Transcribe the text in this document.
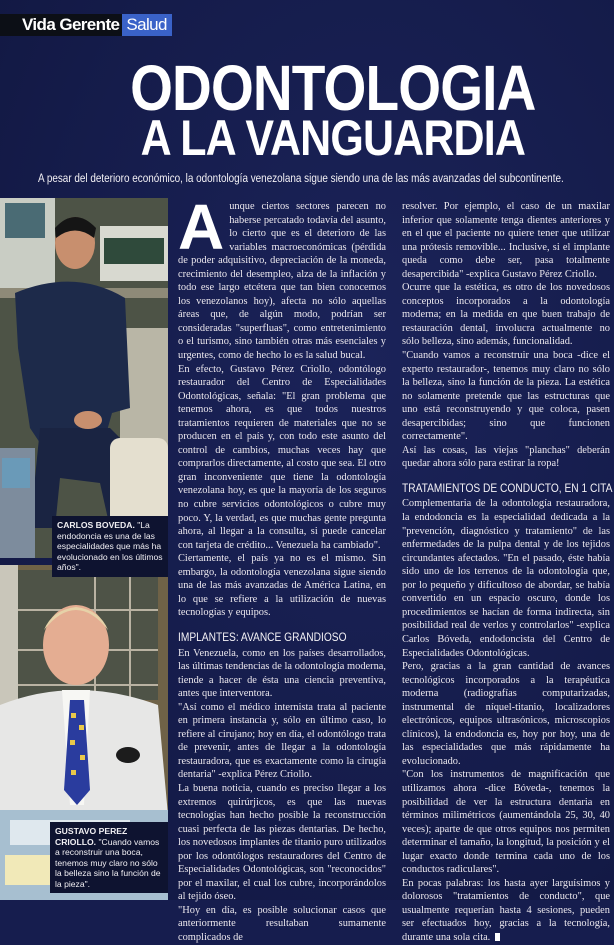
Vida Gerente Salud
ODONTOLOGIA
A LA VANGUARDIA
A pesar del deterioro económico, la odontología venezolana sigue siendo una de las más avanzadas del subcontinente.
CARLOS BOVEDA. "La endodoncia es una de las especialidades que más ha evolucionado en los últimos años".
GUSTAVO PEREZ CRIOLLO. "Cuando vamos a reconstruir una boca, tenemos muy claro no sólo la belleza sino la función de la pieza".

Aunque ciertos sectores parecen no haberse percatado todavía del asunto, lo cierto que es el deterioro de las variables macroeconómicas (pérdida de poder adquisitivo, depreciación de la moneda, crecimiento del desempleo, alza de la inflación y todo ese largo etcétera que tan bien conocemos los venezolanos hoy), afecta no sólo aquellas áreas que, de algún modo, podrían ser consideradas "superfluas", como entretenimiento o el turismo, sino también otras más esenciales y urgentes, como de hecho lo es la salud bucal.

En efecto, Gustavo Pérez Criollo, odontólogo restaurador del Centro de Especialidades Odontológicas, señala: "El gran problema que tenemos ahora, es que todos nuestros tratamientos requieren de materiales que no se producen en el país y, con todo este asunto del control de cambios, muchas veces hay que comprarlos directamente, al costo que sea. El otro gran inconveniente que tiene la odontología venezolana hoy, es que la mayoría de los seguros no cubre servicios odontológicos o cubre muy poco. Y, la verdad, es que muchas gente pregunta ahora, al llegar a la consulta, si puede cancelar con tarjeta de crédito... Venezuela ha cambiado".

Ciertamente, el país ya no es el mismo. Sin embargo, la odontología venezolana sigue siendo una de las más avanzadas de América Latina, en lo que se refiere a la utilización de nuevas tecnologías y equipos.

IMPLANTES: AVANCE GRANDIOSO

En Venezuela, como en los países desarrollados, las últimas tendencias de la odontología moderna, tiende a hacer de ésta una ciencia preventiva, antes que interventora.

"Así como el médico internista trata al paciente en primera instancia y, sólo en último caso, lo refiere al cirujano; hoy en día, el odontólogo trata de prevenir, antes de llegar a la odontología restauradora, que es exactamente como la cirugía dentaria" -explica Pérez Criollo.

La buena noticia, cuando es preciso llegar a los extremos quirúrjicos, es que las nuevas tecnologías han hecho posible la reconstrucción cuasi perfecta de las piezas dentarias. De hecho, los novedosos implantes de titanio puro utilizados por los odontólogos restauradores del Centro de Especialidades Odontológicas, son "reconocidos" por el maxilar, el cual los cubre, incorporándolos al tejido óseo.

"Hoy en día, es posible solucionar casos que anteriormente resultaban sumamente complicados de

resolver. Por ejemplo, el caso de un maxilar inferior que solamente tenga dientes anteriores y en el que el paciente no quiere tener que utilizar una prótesis removible... Inclusive, si el implante queda como debe ser, pasa totalmente desapercibida" -explica Gustavo Pérez Criollo.

Ocurre que la estética, es otro de los novedosos conceptos incorporados a la odontología moderna; en la medida en que buen trabajo de restauración dental, involucra actualmente no sólo belleza, sino además, funcionalidad.

"Cuando vamos a reconstruir una boca -dice el experto restaurador-, tenemos muy claro no sólo la belleza, sino la función de la pieza. La estética no solamente pretende que las estructuras que uno está reconstruyendo y que coloca, pasen desapercibidas; sino que funcionen correctamente".

Así las cosas, las viejas "planchas" deberán quedar ahora sólo para estirar la ropa!

TRATAMIENTOS DE CONDUCTO, EN 1 CITA

Complementaria de la odontología restauradora, la endodoncia es la especialidad dedicada a la "prevención, diagnóstico y tratamiento" de las enfermedades de la pulpa dental y de los tejidos circundantes afectados. "En el pasado, éste había sido uno de los terrenos de la odontología que, por lo pequeño y dificultoso de abordar, se había convertido en un espacio oscuro, donde los procedimientos se hacían de forma indirecta, sin posibilidad real de verlos y controlarlos" -explica Carlos Bóveda, endodoncista del Centro de Especialidades Odontológicas.

Pero, gracias a la gran cantidad de avances tecnológicos incorporados a la terapéutica moderna (radiografías computarizadas, instrumental de níquel-titanio, localizadores electrónicos, equipos ultrasónicos, microscopios clínicos), la endodoncia es, hoy por hoy, una de las especialidades que más rápidamente ha evolucionado.

"Con los instrumentos de magnificación que utilizamos ahora -dice Bóveda-, tenemos la posibilidad de ver la estructura dentaria en términos milimétricos (aumentándola 25, 30, 40 veces); aparte de que otros equipos nos permiten determinar el tamaño, la longitud, la posición y el lugar exacto donde termina cada uno de los conductos radiculares".

En pocas palabras: los hasta ayer larguísimos y dolorosos "tratamientos de conducto", que usualmente requerían hasta 4 sesiones, pueden ser efectuados hoy, gracias a la tecnología, durante una sola cita.
